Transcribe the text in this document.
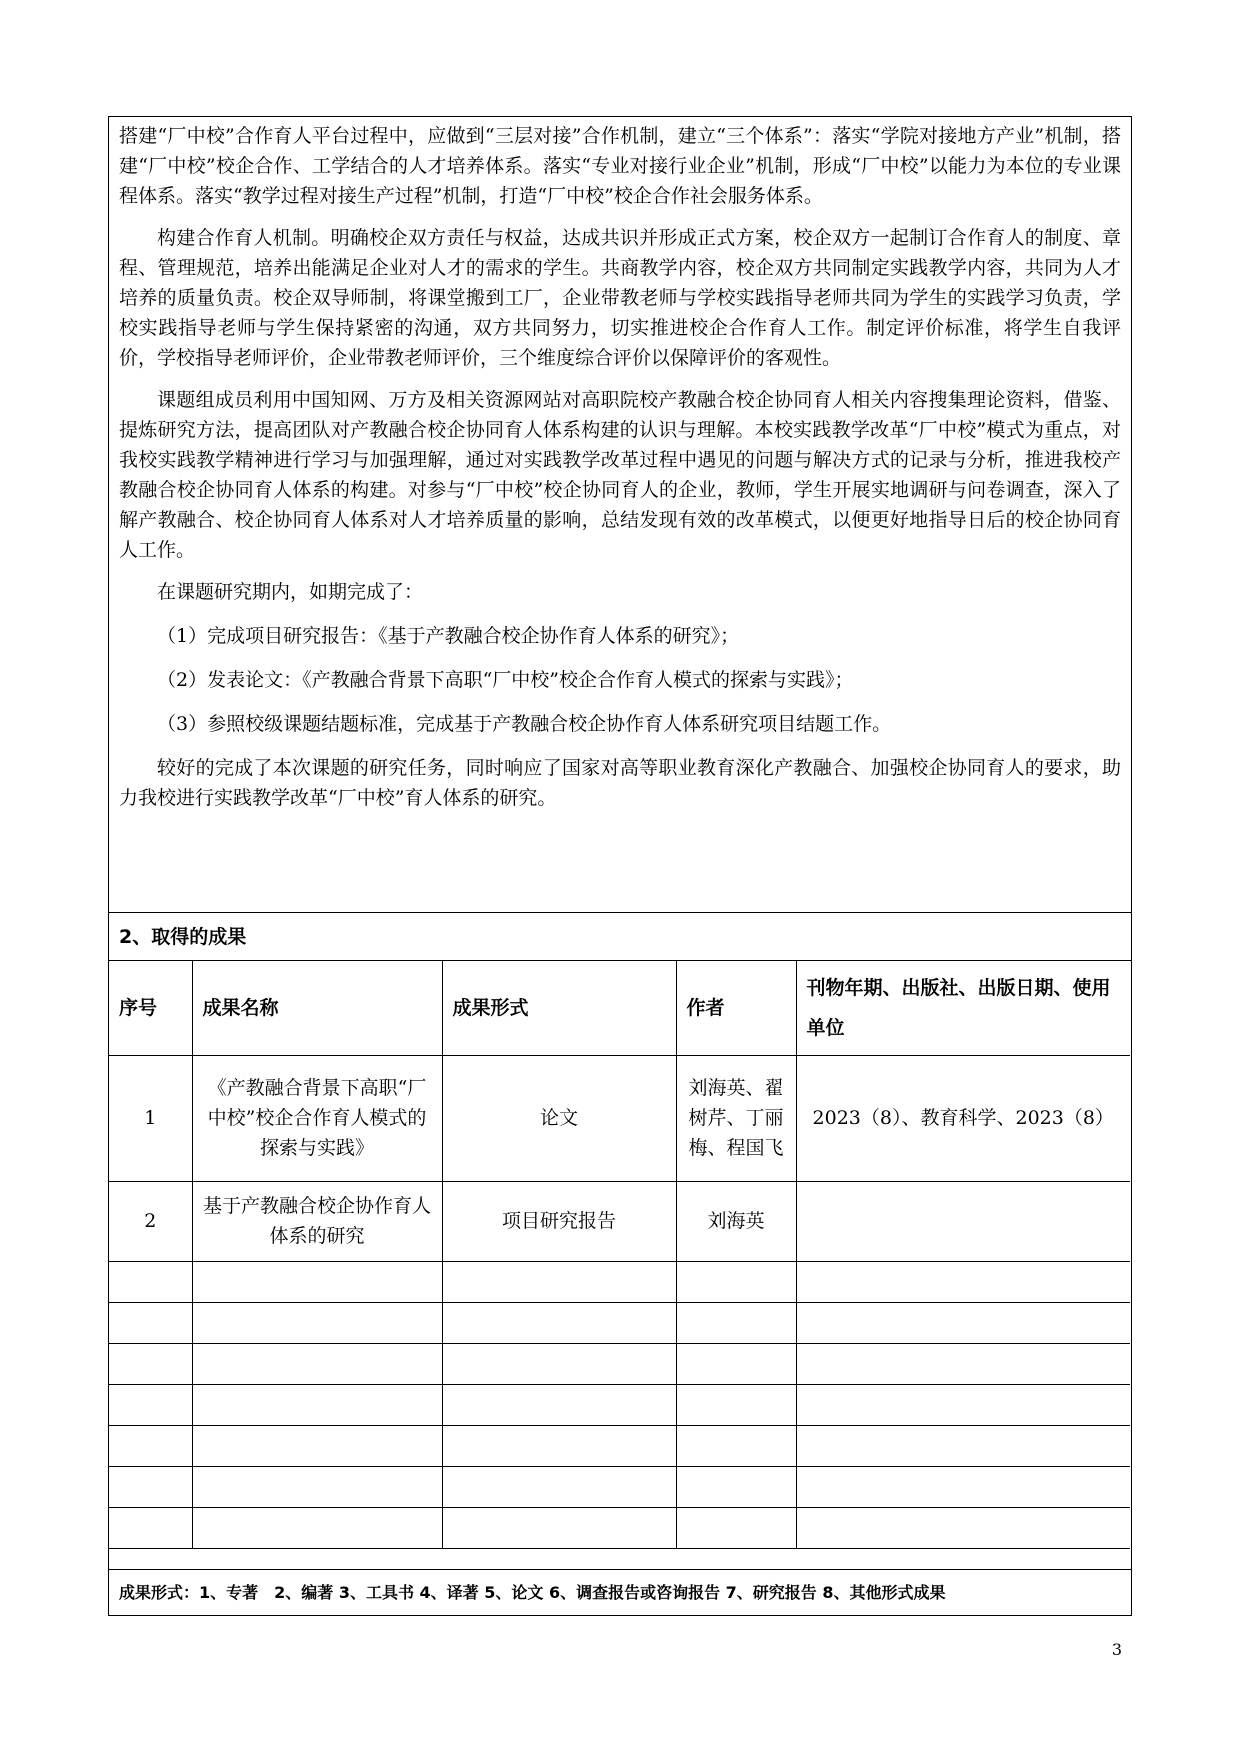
搭建“厂中校”合作育人平台过程中，应做到“三层对接”合作机制，建立“三个体系”：落实“学院对接地方产业”机制，搭建“厂中校”校企合作、工学结合的人才培养体系。落实“专业对接行业企业”机制，形成“厂中校”以能力为本位的专业课程体系。落实“教学过程对接生产过程”机制，打造“厂中校”校企合作社会服务体系。

构建合作育人机制。明确校企双方责任与权益，达成共识并形成正式方案，校企双方一起制订合作育人的制度、章程、管理规范，培养出能满足企业对人才的需求的学生。共商教学内容，校企双方共同制定实践教学内容，共同为人才培养的质量负责。校企双导师制，将课堂搬到工厂，企业带教老师与学校实践指导老师共同为学生的实践学习负责，学校实践指导老师与学生保持紧密的沟通，双方共同努力，切实推进校企合作育人工作。制定评价标准，将学生自我评价，学校指导老师评价，企业带教老师评价，三个维度综合评价以保障评价的客观性。

课题组成员利用中国知网、万方及相关资源网站对高职院校产教融合校企协同育人相关内容搜集理论资料，借鉴、提炼研究方法，提高团队对产教融合校企协同育人体系构建的认识与理解。本校实践教学改革“厂中校”模式为重点，对我校实践教学精神进行学习与加强理解，通过对实践教学改革过程中遇见的问题与解决方式的记录与分析，推进我校产教融合校企协同育人体系的构建。对参与“厂中校”校企协同育人的企业，教师，学生开展实地调研与问卷调查，深入了解产教融合、校企协同育人体系对人才培养质量的影响，总结发现有效的改革模式，以便更好地指导日后的校企协同育人工作。

在课题研究期内，如期完成了：

（1）完成项目研究报告：《基于产教融合校企协作育人体系的研究》；

（2）发表论文：《产教融合背景下高职“厂中校”校企合作育人模式的探索与实践》；

（3）参照校级课题结题标准，完成基于产教融合校企协作育人体系研究项目结题工作。

较好的完成了本次课题的研究任务，同时响应了国家对高等职业教育深化产教融合、加强校企协同育人的要求，助力我校进行实践教学改革“厂中校”育人体系的研究。

2、取得的成果
序号	成果名称	成果形式	作者	刊物年期、出版社、出版日期、使用单位
1	《产教融合背景下高职“厂中校”校企合作育人模式的探索与实践》	论文	刘海英、翟树芹、丁丽梅、程国飞	2023（8）、教育科学、2023（8）
2	基于产教融合校企协作育人体系的研究	项目研究报告	刘海英	

成果形式：1、专著　2、编著 3、工具书 4、译著 5、论文 6、调查报告或咨询报告 7、研究报告 8、其他形式成果
3
